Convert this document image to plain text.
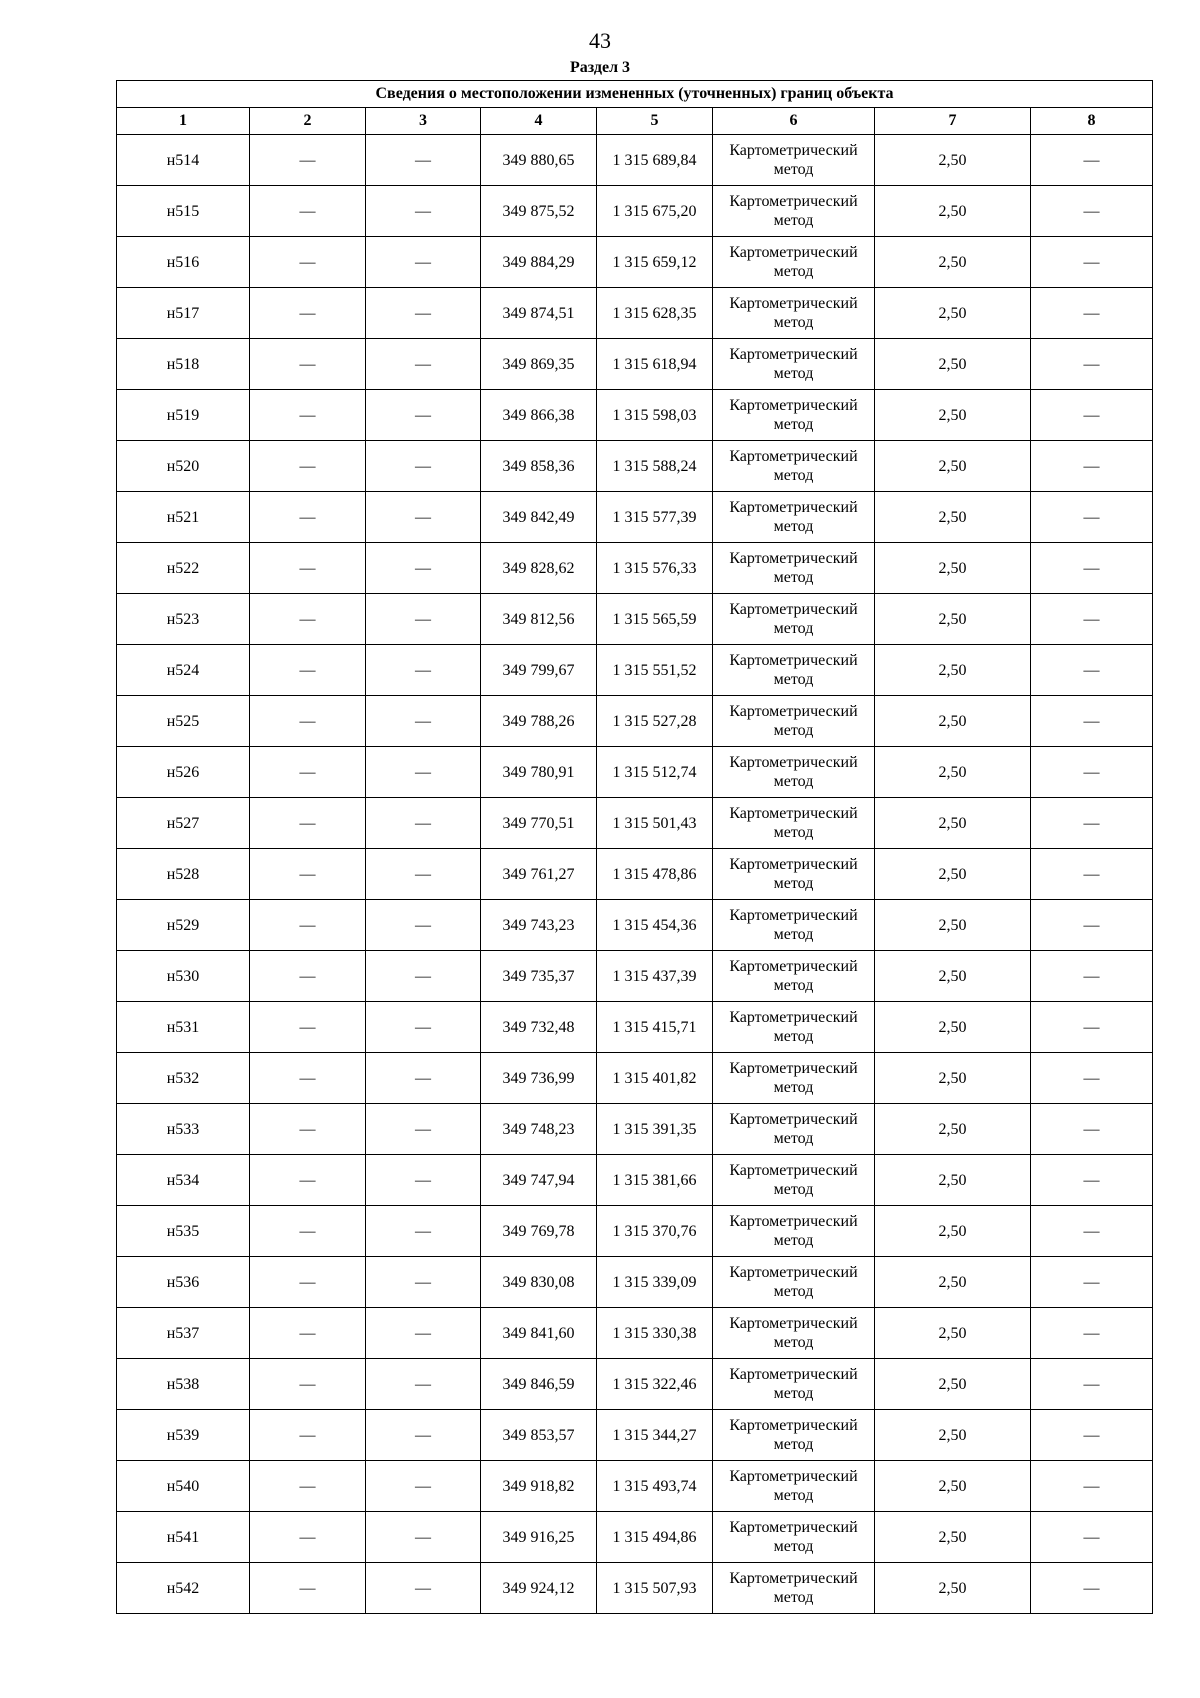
43
Раздел 3
Сведения о местоположении измененных (уточненных) границ объекта							
1	2	3	4	5	6	7	8
н514	—	—	349 880,65	1 315 689,84	Картометрический метод	2,50	—
н515	—	—	349 875,52	1 315 675,20	Картометрический метод	2,50	—
н516	—	—	349 884,29	1 315 659,12	Картометрический метод	2,50	—
н517	—	—	349 874,51	1 315 628,35	Картометрический метод	2,50	—
н518	—	—	349 869,35	1 315 618,94	Картометрический метод	2,50	—
н519	—	—	349 866,38	1 315 598,03	Картометрический метод	2,50	—
н520	—	—	349 858,36	1 315 588,24	Картометрический метод	2,50	—
н521	—	—	349 842,49	1 315 577,39	Картометрический метод	2,50	—
н522	—	—	349 828,62	1 315 576,33	Картометрический метод	2,50	—
н523	—	—	349 812,56	1 315 565,59	Картометрический метод	2,50	—
н524	—	—	349 799,67	1 315 551,52	Картометрический метод	2,50	—
н525	—	—	349 788,26	1 315 527,28	Картометрический метод	2,50	—
н526	—	—	349 780,91	1 315 512,74	Картометрический метод	2,50	—
н527	—	—	349 770,51	1 315 501,43	Картометрический метод	2,50	—
н528	—	—	349 761,27	1 315 478,86	Картометрический метод	2,50	—
н529	—	—	349 743,23	1 315 454,36	Картометрический метод	2,50	—
н530	—	—	349 735,37	1 315 437,39	Картометрический метод	2,50	—
н531	—	—	349 732,48	1 315 415,71	Картометрический метод	2,50	—
н532	—	—	349 736,99	1 315 401,82	Картометрический метод	2,50	—
н533	—	—	349 748,23	1 315 391,35	Картометрический метод	2,50	—
н534	—	—	349 747,94	1 315 381,66	Картометрический метод	2,50	—
н535	—	—	349 769,78	1 315 370,76	Картометрический метод	2,50	—
н536	—	—	349 830,08	1 315 339,09	Картометрический метод	2,50	—
н537	—	—	349 841,60	1 315 330,38	Картометрический метод	2,50	—
н538	—	—	349 846,59	1 315 322,46	Картометрический метод	2,50	—
н539	—	—	349 853,57	1 315 344,27	Картометрический метод	2,50	—
н540	—	—	349 918,82	1 315 493,74	Картометрический метод	2,50	—
н541	—	—	349 916,25	1 315 494,86	Картометрический метод	2,50	—
н542	—	—	349 924,12	1 315 507,93	Картометрический метод	2,50	—
